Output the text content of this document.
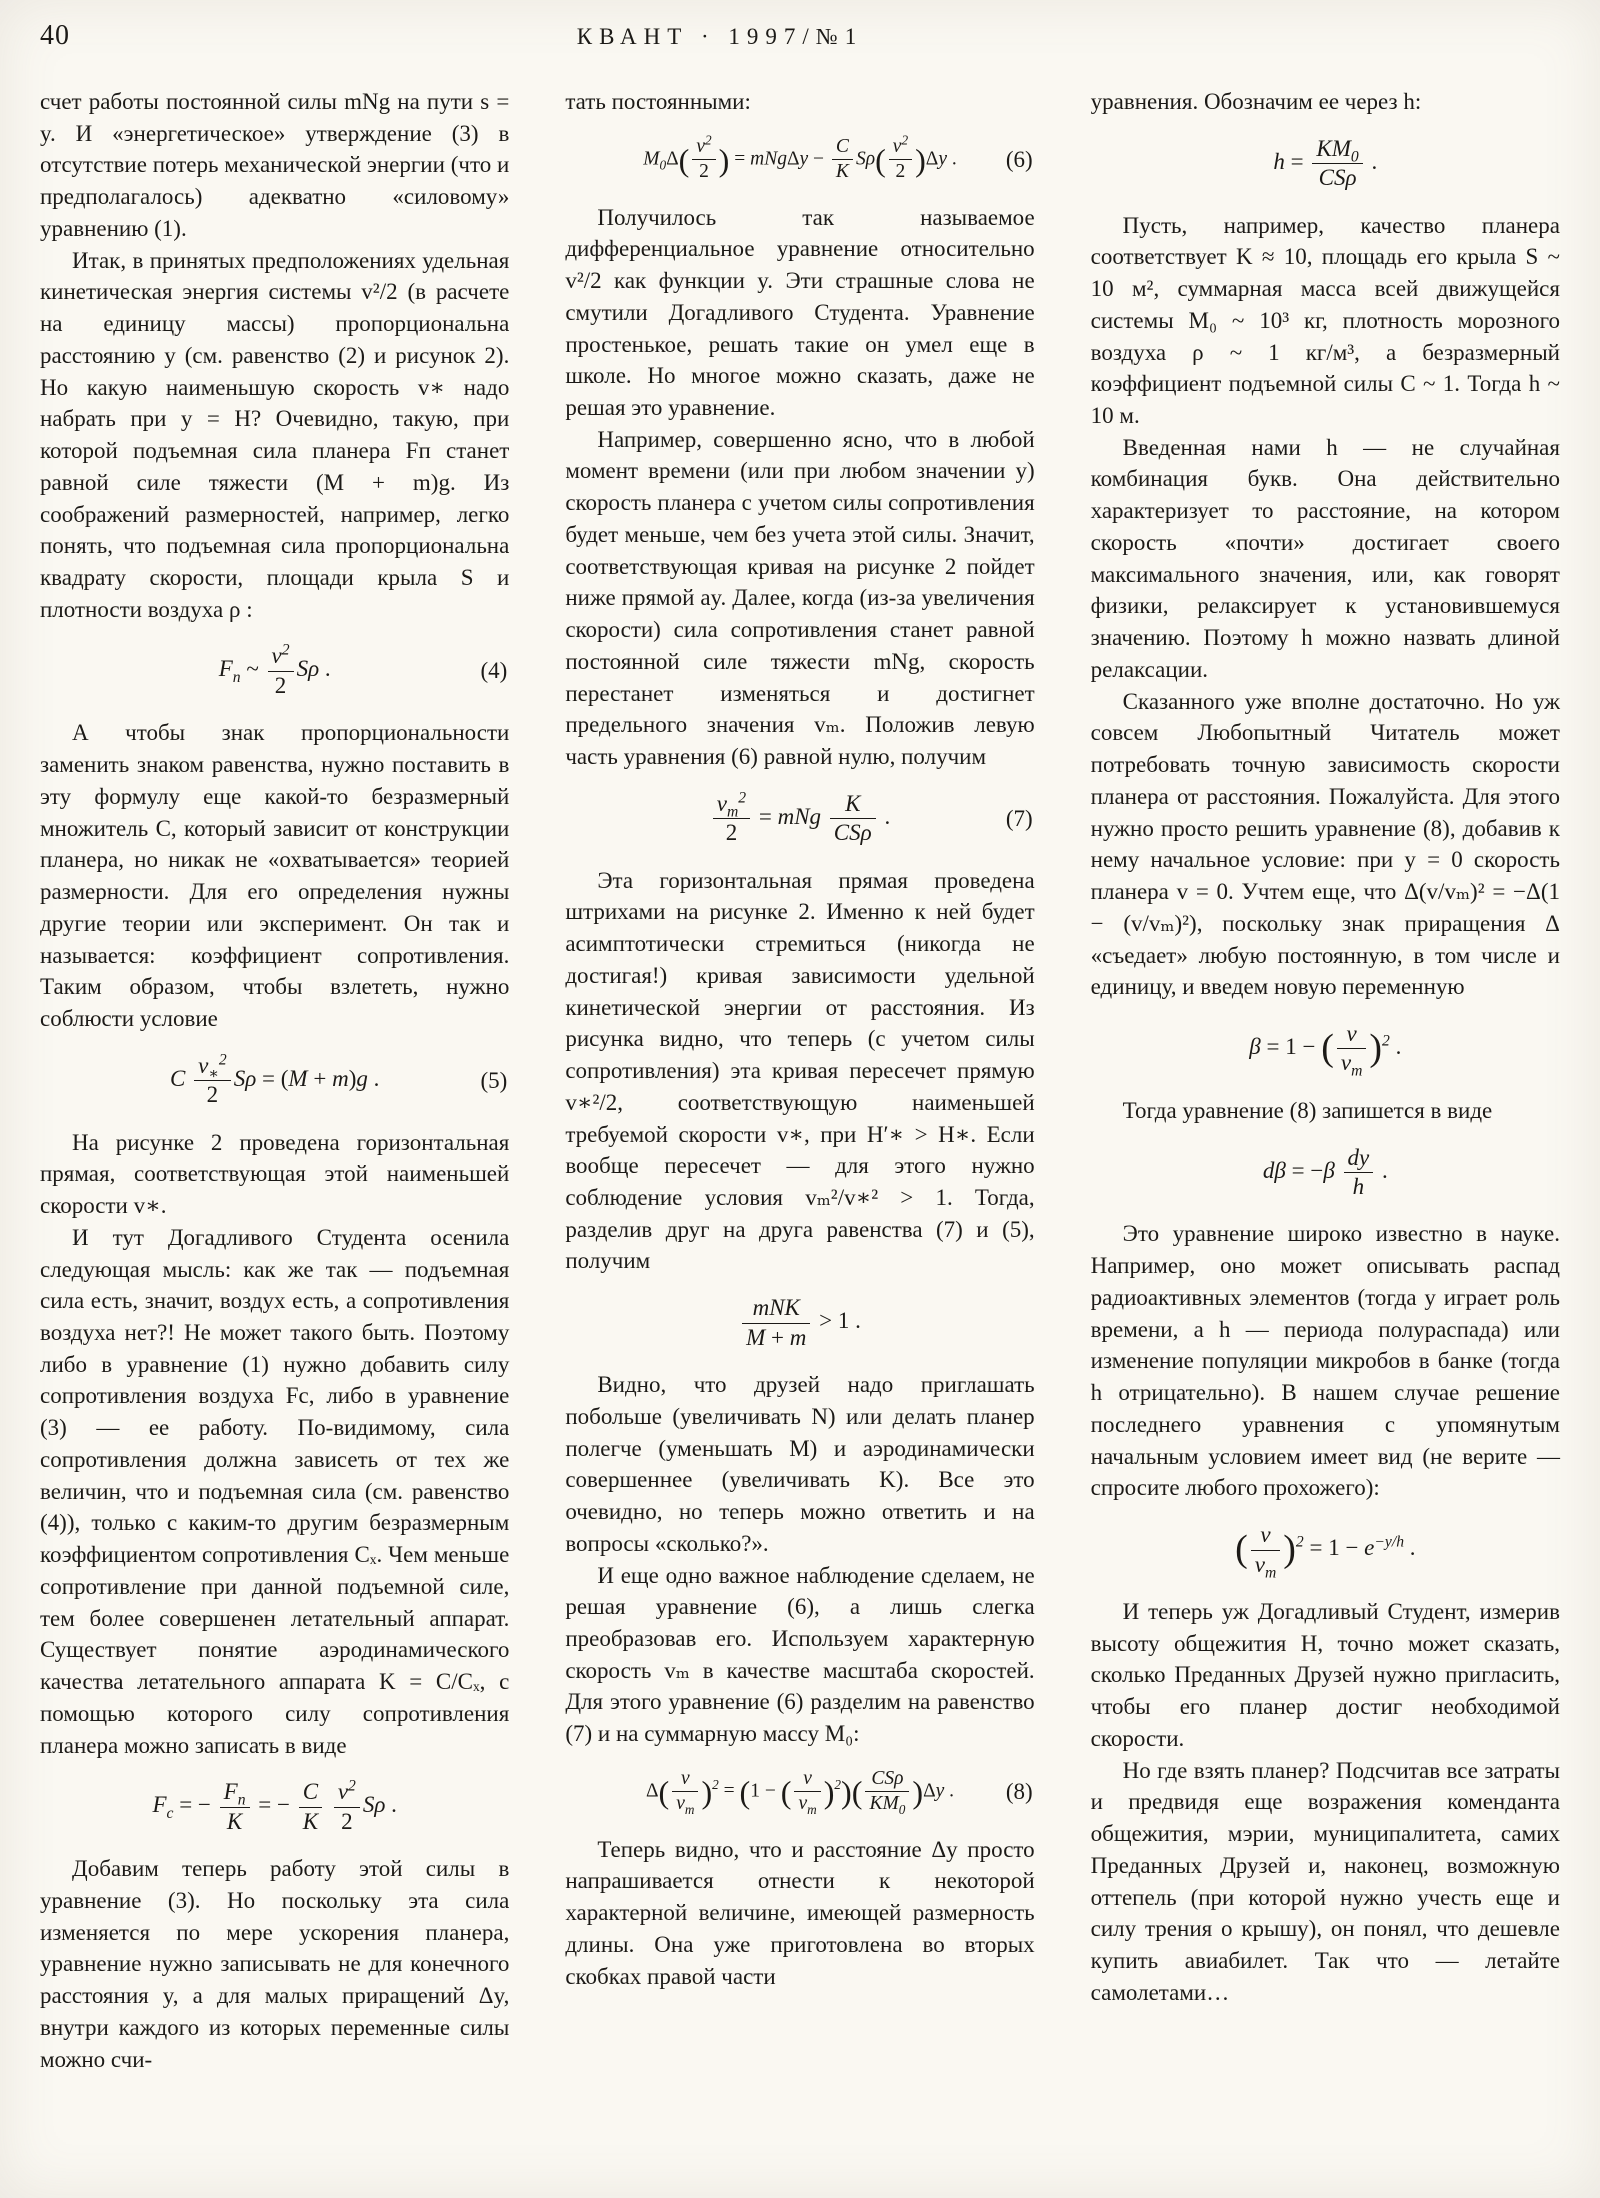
40	КВАНТ · 1997/№1

счет работы постоянной силы mNg на пути s = y. И «энергетическое» утверждение (3) в отсутствие потерь механической энергии (что и предполагалось) адекватно «силовому» уравнению (1).

Итак, в принятых предположениях удельная кинетическая энергия системы v²/2 (в расчете на единицу массы) пропорциональна расстоянию y (см. равенство (2) и рисунок 2). Но какую наименьшую скорость v∗ надо набрать при y = H? Очевидно, такую, при которой подъемная сила планера Fп станет равной силе тяжести (M + m)g. Из соображений размерностей, например, легко понять, что подъемная сила пропорциональна квадрату скорости, площади крыла S и плотности воздуха ρ :

$F_п$ ~ $\frac{v^2}{2}$ Sρ .	(4)

А чтобы знак пропорциональности заменить знаком равенства, нужно поставить в эту формулу еще какой-то безразмерный множитель C, который зависит от конструкции планера, но никак не «охватывается» теорией размерности. Для его определения нужны другие теории или эксперимент. Он так и называется: коэффициент сопротивления. Таким образом, чтобы взлететь, нужно соблюсти условие

C $\frac{v_∗^2}{2}$ Sρ = (M + m)g .	(5)

На рисунке 2 проведена горизонтальная прямая, соответствующая этой наименьшей скорости v∗.

И тут Догадливого Студента осенила следующая мысль: как же так — подъемная сила есть, значит, воздух есть, а сопротивления воздуха нет?! Не может такого быть. Поэтому либо в уравнение (1) нужно добавить силу сопротивления воздуха Fс, либо в уравнение (3) — ее работу. По-видимому, сила сопротивления должна зависеть от тех же величин, что и подъемная сила (см. равенство (4)), только с каким-то другим безразмерным коэффициентом сопротивления Cₓ. Чем меньше сопротивление при данной подъемной силе, тем более совершенен летательный аппарат. Существует понятие аэродинамического качества летательного аппарата K = C/Cₓ, с помощью которого силу сопротивления планера можно записать в виде

$F_c$ = − $\frac{F_п}{K}$ = − $\frac{C}{K}$
$\frac{v^2}{2}$ Sρ .

Добавим теперь работу этой силы в уравнение (3). Но поскольку эта сила изменяется по мере ускорения планера, уравнение нужно записывать не для конечного расстояния y, а для малых приращений Δy, внутри каждого из которых переменные силы можно счи-

тать постоянными:

$M_0\Delta( \frac{v^2}{2}$ ) = $mNg\Delta y - \frac{C}{K} S\rho( \frac{v^2}{2} )\Delta y$ . (6)

Получилось так называемое дифференциальное уравнение относительно v²/2 как функции y. Эти страшные слова не смутили Догадливого Студента. Уравнение простенькое, решать такие он умел еще в школе. Но многое можно сказать, даже не решая это уравнение.

Например, совершенно ясно, что в любой момент времени (или при любом значении y) скорость планера с учетом силы сопротивления будет меньше, чем без учета этой силы. Значит, соответствующая кривая на рисунке 2 пойдет ниже прямой ay. Далее, когда (из-за увеличения скорости) сила сопротивления станет равной постоянной силе тяжести mNg, скорость перестанет изменяться и достигнет предельного значения vₘ. Положив левую часть уравнения (6) равной нулю, получим

$\frac{v_m^2}{2}$ = mNg $\frac{K}{\text{CSρ}}$ .	(7)

Эта горизонтальная прямая проведена штрихами на рисунке 2. Именно к ней будет асимптотически стремиться (никогда не достигая!) кривая зависимости удельной кинетической энергии от расстояния. Из рисунка видно, что теперь (с учетом силы сопротивления) эта кривая пересечет прямую v∗²/2, соответствующую наименьшей требуемой скорости v∗, при H′∗ > H∗. Если вообще пересечет — для этого нужно соблюдение условия vₘ²/v∗² > 1. Тогда, разделив друг на друга равенства (7) и (5), получим

$\frac{\text{mNK}}{M + m} > 1$ .

Видно, что друзей надо приглашать побольше (увеличивать N) или делать планер полегче (уменьшать M) и аэродинамически совершеннее (увеличивать K). Все это очевидно, но теперь можно ответить и на вопросы «сколько?».

И еще одно важное наблюдение сделаем, не решая уравнение (6), а лишь слегка преобразовав его. Используем характерную скорость vₘ в качестве масштаба скоростей. Для этого уравнение (6) разделим на равенство (7) и на суммарную массу M₀:

$\Delta( \frac{v}{v_m} )^2 = (1$ − ( $\frac{v}{v_m} )^2)( \frac{\text{CSρ}}{KM_0} )\Delta y$ . (8)

Теперь видно, что и расстояние Δy просто напрашивается отнести к некоторой характерной величине, имеющей размерность длины. Она уже приготовлена во вторых скобках правой части

уравнения. Обозначим ее через h:

$h = \frac{KM_0}{\text{CSρ}}$ .

Пусть, например, качество планера соответствует K ≈ 10, площадь его крыла S ~ 10 м², суммарная масса всей движущейся системы M₀ ~ 10³ кг, плотность морозного воздуха ρ ~ 1 кг/м³, а безразмерный коэффициент подъемной силы C ~ 1. Тогда h ~ 10 м.

Введенная нами h — не случайная комбинация букв. Она действительно характеризует то расстояние, на котором скорость «почти» достигает своего максимального значения, или, как говорят физики, релаксирует к установившемуся значению. Поэтому h можно назвать длиной релаксации.

Сказанного уже вполне достаточно. Но уж совсем Любопытный Читатель может потребовать точную зависимость скорости планера от расстояния. Пожалуйста. Для этого нужно просто решить уравнение (8), добавив к нему начальное условие: при y = 0 скорость планера v = 0. Учтем еще, что Δ(v/vₘ)² = −Δ(1 − (v/vₘ)²), поскольку знак приращения Δ «съедает» любую постоянную, в том числе и единицу, и введем новую переменную

β = 1 − ( $\frac{v}{v_m} )^2$ .

Тогда уравнение (8) запишется в виде

$d\beta = -\beta \frac{dy}{h}$ .

Это уравнение широко известно в науке. Например, оно может описывать распад радиоактивных элементов (тогда y играет роль времени, а h — периода полураспада) или изменение популяции микробов в банке (тогда h отрицательно). В нашем случае решение последнего уравнения с упомянутым начальным условием имеет вид (не верите — спросите любого прохожего):

( $\frac{v}{v_m} )^2 = 1 - e^{-y/h}$ .

И теперь уж Догадливый Студент, измерив высоту общежития H, точно может сказать, сколько Преданных Друзей нужно пригласить, чтобы его планер достиг необходимой скорости.

Но где взять планер? Подсчитав все затраты и предвидя еще возражения коменданта общежития, мэрии, муниципалитета, самих Преданных Друзей и, наконец, возможную оттепель (при которой нужно учесть еще и силу трения о крышу), он понял, что дешевле купить авиабилет. Так что — летайте самолетами…
